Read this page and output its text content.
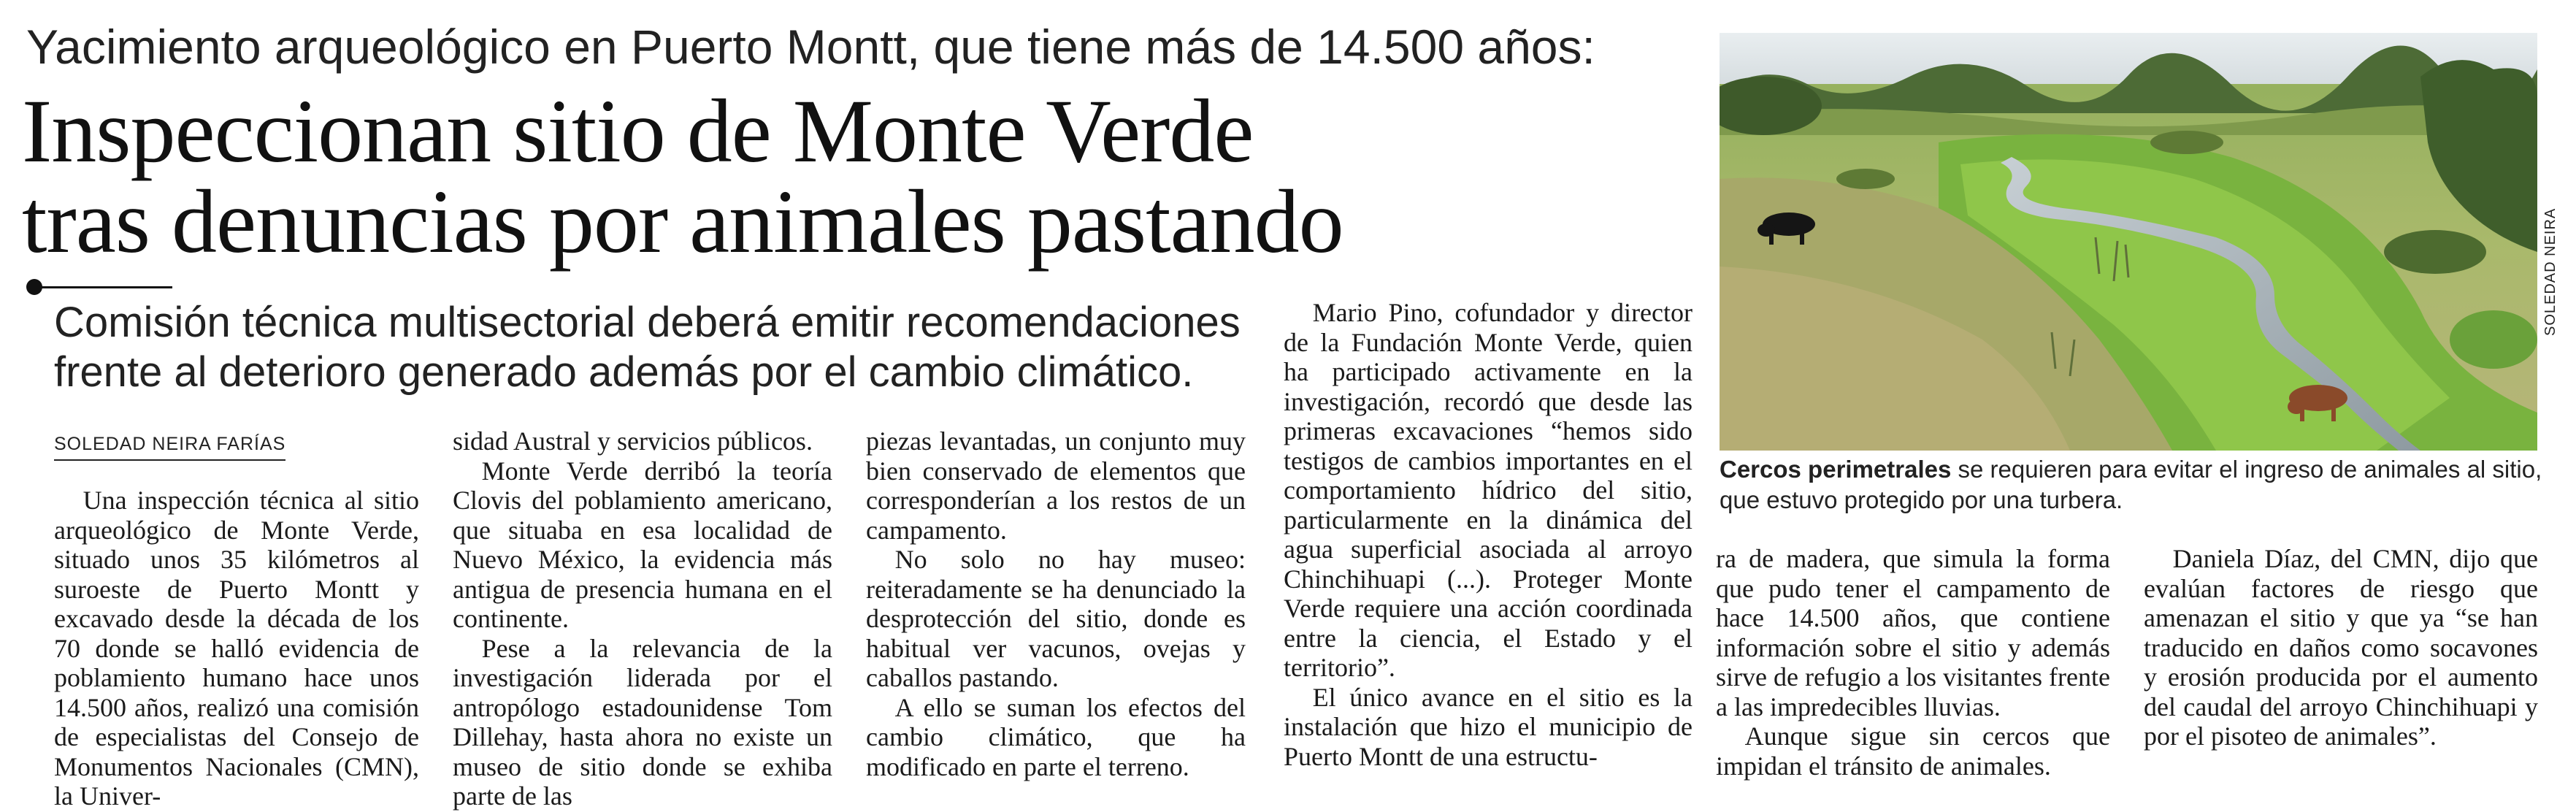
Yacimiento arqueológico en Puerto Montt, que tiene más de 14.500 años:
Inspeccionan sitio de Monte Verde
tras denuncias por animales pastando
Comisión técnica multisectorial deberá emitir recomendaciones
frente al deterioro generado además por el cambio climático.
SOLEDAD NEIRA FARÍAS

Una inspección técnica al sitio arqueológico de Monte Verde, situado unos 35 kilómetros al suroeste de Puerto Montt y excavado desde la década de los 70 donde se halló evidencia de poblamiento humano hace unos 14.500 años, realizó una comisión de especialistas del Consejo de Monumentos Nacionales (CMN), la Univer-

sidad Austral y servicios públicos.

Monte Verde derribó la teoría Clovis del poblamiento americano, que situaba en esa localidad de Nuevo México, la evidencia más antigua de presencia humana en el continente.

Pese a la relevancia de la investigación liderada por el antropólogo estadounidense Tom Dillehay, hasta ahora no existe un museo de sitio donde se exhiba parte de las

piezas levantadas, un conjunto muy bien conservado de elementos que corresponderían a los restos de un campamento.

No solo no hay museo: reiteradamente se ha denunciado la desprotección del sitio, donde es habitual ver vacunos, ovejas y caballos pastando.

A ello se suman los efectos del cambio climático, que ha modificado en parte el terreno.

Mario Pino, cofundador y director de la Fundación Monte Verde, quien ha participado activamente en la investigación, recordó que desde las primeras excavaciones “hemos sido testigos de cambios importantes en el comportamiento hídrico del sitio, particularmente en la dinámica del agua superficial asociada al arroyo Chinchihuapi (...). Proteger Monte Verde requiere una acción coordinada entre la ciencia, el Estado y el territorio”.

El único avance en el sitio es la instalación que hizo el municipio de Puerto Montt de una estructu-

ra de madera, que simula la forma que pudo tener el campamento de hace 14.500 años, que contiene información sobre el sitio y además sirve de refugio a los visitantes frente a las impredecibles lluvias.

Aunque sigue sin cercos que impidan el tránsito de animales.

Daniela Díaz, del CMN, dijo que evalúan factores de riesgo que amenazan el sitio y que ya “se han traducido en daños como socavones y erosión producida por el aumento del caudal del arroyo Chinchihuapi y por el pisoteo de animales”.

SOLEDAD NEIRA
Cercos perimetrales se requieren para evitar el ingreso de animales al sitio, que estuvo protegido por una turbera.
